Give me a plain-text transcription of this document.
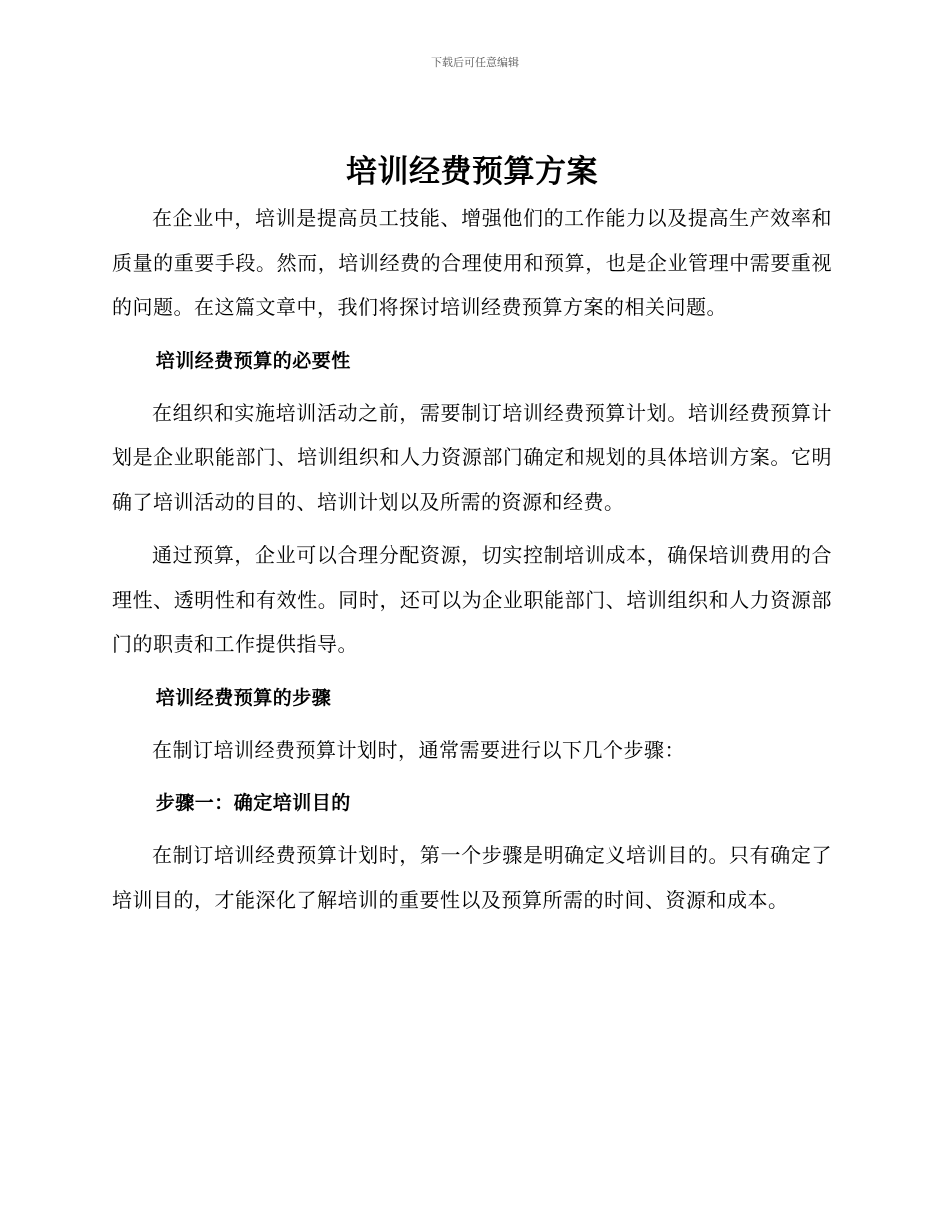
下载后可任意编辑
培训经费预算方案

在企业中，培训是提高员工技能、增强他们的工作能力以及提高生产效率和质量的重要手段。然而，培训经费的合理使用和预算，也是企业管理中需要重视的问题。在这篇文章中，我们将探讨培训经费预算方案的相关问题。

培训经费预算的必要性

在组织和实施培训活动之前，需要制订培训经费预算计划。培训经费预算计划是企业职能部门、培训组织和人力资源部门确定和规划的具体培训方案。它明确了培训活动的目的、培训计划以及所需的资源和经费。

通过预算，企业可以合理分配资源，切实控制培训成本，确保培训费用的合理性、透明性和有效性。同时，还可以为企业职能部门、培训组织和人力资源部门的职责和工作提供指导。

培训经费预算的步骤

在制订培训经费预算计划时，通常需要进行以下几个步骤：

步骤一：确定培训目的

在制订培训经费预算计划时，第一个步骤是明确定义培训目的。只有确定了培训目的，才能深化了解培训的重要性以及预算所需的时间、资源和成本。
